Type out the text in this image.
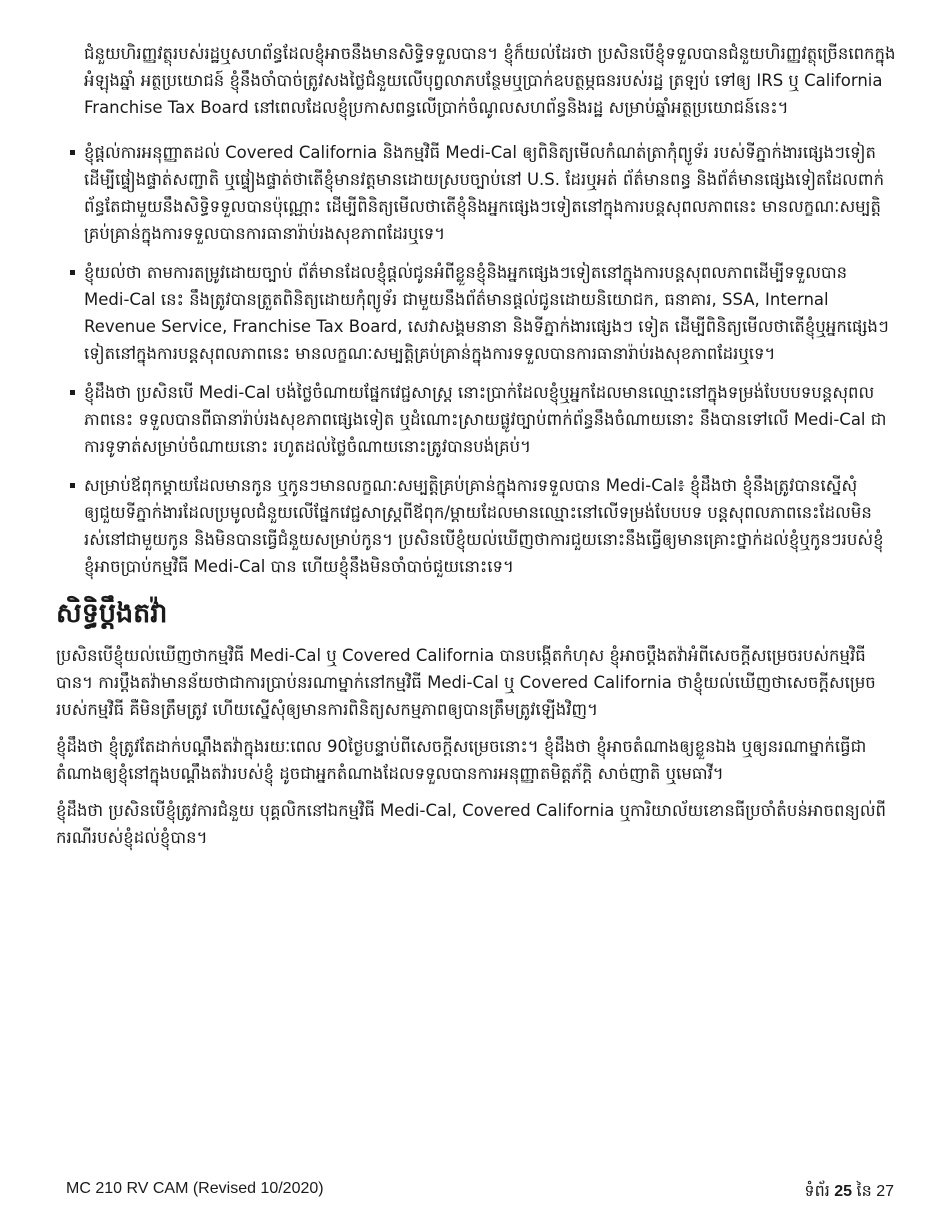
ជំនួយហិរញ្ញវត្ថុរបស់រដ្ឋឬសហព័ន្ធដែលខ្ញុំអាចនឹងមានសិទ្ធិទទួលបាន។ ខ្ញុំក៏យល់ដែរថា ប្រសិនបើខ្ញុំទទួលបានជំនួយហិរញ្ញវត្ថុច្រើនពេកក្នុងអំឡុងឆ្នាំ អត្ថប្រយោជន៍ ខ្ញុំនឹងចាំបាច់ត្រូវសងថ្លៃជំនួយលើបុព្វលាភបន្ថែមឬប្រាក់ឧបត្ថម្ភធនរបស់រដ្ឋ ត្រឡប់ ទៅឲ្យ IRS ឬ California Franchise Tax Board នៅពេលដែលខ្ញុំប្រកាសពន្ធលើប្រាក់ចំណូលសហព័ន្ធនិងរដ្ឋ សម្រាប់ឆ្នាំអត្ថប្រយោជន៍នេះ។

ខ្ញុំផ្តល់ការអនុញ្ញាតដល់ Covered California និងកម្មវិធី Medi-Cal ឲ្យពិនិត្យមើលកំណត់ត្រាកុំព្យូទ័រ របស់ទីភ្នាក់ងារផ្សេងៗទៀតដើម្បីផ្ទៀងផ្ទាត់សញ្ជាតិ ឬផ្ទៀងផ្ទាត់ថាតើខ្ញុំមានវត្តមានដោយស្របច្បាប់នៅ U.S. ដែរឬអត់ ព័ត៌មានពន្ធ និងព័ត៌មានផ្សេងទៀតដែលពាក់ព័ន្ធតែជាមួយនឹងសិទ្ធិទទួលបានប៉ុណ្ណោះ ដើម្បីពិនិត្យមើលថាតើខ្ញុំនិងអ្នកផ្សេងៗទៀតនៅក្នុងការបន្តសុពលភាពនេះ មានលក្ខណៈសម្បត្តិគ្រប់គ្រាន់ក្នុងការទទួលបានការធានារ៉ាប់រងសុខភាពដែរឬទេ។
ខ្ញុំយល់ថា តាមការតម្រូវដោយច្បាប់ ព័ត៌មានដែលខ្ញុំផ្តល់ជូនអំពីខ្លួនខ្ញុំនិងអ្នកផ្សេងៗទៀតនៅក្នុងការបន្តសុពលភាពដើម្បីទទួលបាន Medi-Cal នេះ នឹងត្រូវបានត្រួតពិនិត្យដោយកុំព្យូទ័រ ជាមួយនឹងព័ត៌មានផ្តល់ជូនដោយនិយោជក, ធនាគារ, SSA, Internal Revenue Service, Franchise Tax Board, សេវាសង្គមនានា និងទីភ្នាក់ងារផ្សេងៗ ទៀត ដើម្បីពិនិត្យមើលថាតើខ្ញុំឬអ្នកផ្សេងៗទៀតនៅក្នុងការបន្តសុពលភាពនេះ មានលក្ខណៈសម្បត្តិគ្រប់គ្រាន់ក្នុងការទទួលបានការធានារ៉ាប់រងសុខភាពដែរឬទេ។
ខ្ញុំដឹងថា ប្រសិនបើ Medi-Cal បង់ថ្លៃចំណាយផ្នែកវេជ្ជសាស្ត្រ នោះប្រាក់ដែលខ្ញុំឬអ្នកដែលមានឈ្មោះនៅក្នុងទម្រង់បែបបទបន្តសុពលភាពនេះ ទទួលបានពីធានារ៉ាប់រងសុខភាពផ្សេងទៀត ឬដំណោះស្រាយផ្លូវច្បាប់ពាក់ព័ន្ធនឹងចំណាយនោះ នឹងបានទៅលើ Medi-Cal ជាការទូទាត់សម្រាប់ចំណាយនោះ រហូតដល់ថ្លៃចំណាយនោះត្រូវបានបង់គ្រប់។
សម្រាប់ឪពុកម្តាយដែលមានកូន ឬកូនៗមានលក្ខណៈសម្បត្តិគ្រប់គ្រាន់ក្នុងការទទួលបាន Medi-Cal៖ ខ្ញុំដឹងថា ខ្ញុំនឹងត្រូវបានស្នើសុំឲ្យជួយទីភ្នាក់ងារដែលប្រមូលជំនួយលើផ្នែកវេជ្ជសាស្ត្រពីឪពុក/ម្តាយដែលមានឈ្មោះនៅលើទម្រង់បែបបទ បន្តសុពលភាពនេះដែលមិនរស់នៅជាមួយកូន និងមិនបានធ្វើជំនួយសម្រាប់កូន។ ប្រសិនបើខ្ញុំយល់ឃើញថាការជួយនោះនឹងធ្វើឲ្យមានគ្រោះថ្នាក់ដល់ខ្ញុំឬកូនៗរបស់ខ្ញុំ ខ្ញុំអាចប្រាប់កម្មវិធី Medi-Cal បាន ហើយខ្ញុំនឹងមិនចាំបាច់ជួយនោះទេ។
សិទ្ធិប្តឹងតវ៉ា

ប្រសិនបើខ្ញុំយល់ឃើញថាកម្មវិធី Medi-Cal ឬ Covered California បានបង្កើតកំហុស ខ្ញុំអាចប្តឹងតវ៉ាអំពីសេចក្តីសម្រេចរបស់កម្មវិធីបាន។ ការប្តឹងតវ៉ាមានន័យថាជាការប្រាប់នរណាម្នាក់នៅកម្មវិធី Medi-Cal ឬ Covered California ថាខ្ញុំយល់ឃើញថាសេចក្តីសម្រេចរបស់កម្មវិធី គឺមិនត្រឹមត្រូវ ហើយស្នើសុំឲ្យមានការពិនិត្យសកម្មភាពឲ្យបានត្រឹមត្រូវឡើងវិញ។

ខ្ញុំដឹងថា ខ្ញុំត្រូវតែដាក់បណ្តឹងតវ៉ាក្នុងរយៈពេល 90ថ្ងៃបន្ទាប់ពីសេចក្តីសម្រេចនោះ។ ខ្ញុំដឹងថា ខ្ញុំអាចតំណាងឲ្យខ្លួនឯង ឬឲ្យនរណាម្នាក់ធ្វើជាតំណាងឲ្យខ្ញុំនៅក្នុងបណ្តឹងតវ៉ារបស់ខ្ញុំ ដូចជាអ្នកតំណាងដែលទទួលបានការអនុញ្ញាតមិត្តភ័ក្តិ សាច់ញាតិ ឬមេធាវី។

ខ្ញុំដឹងថា ប្រសិនបើខ្ញុំត្រូវការជំនួយ បុគ្គលិកនៅឯកម្មវិធី Medi-Cal, Covered California ឬការិយាល័យខោនធីប្រចាំតំបន់អាចពន្យល់ពីករណីរបស់ខ្ញុំដល់ខ្ញុំបាន។

MC 210 RV CAM (Revised 10/2020)	ទំព័រ 25 នៃ 27
